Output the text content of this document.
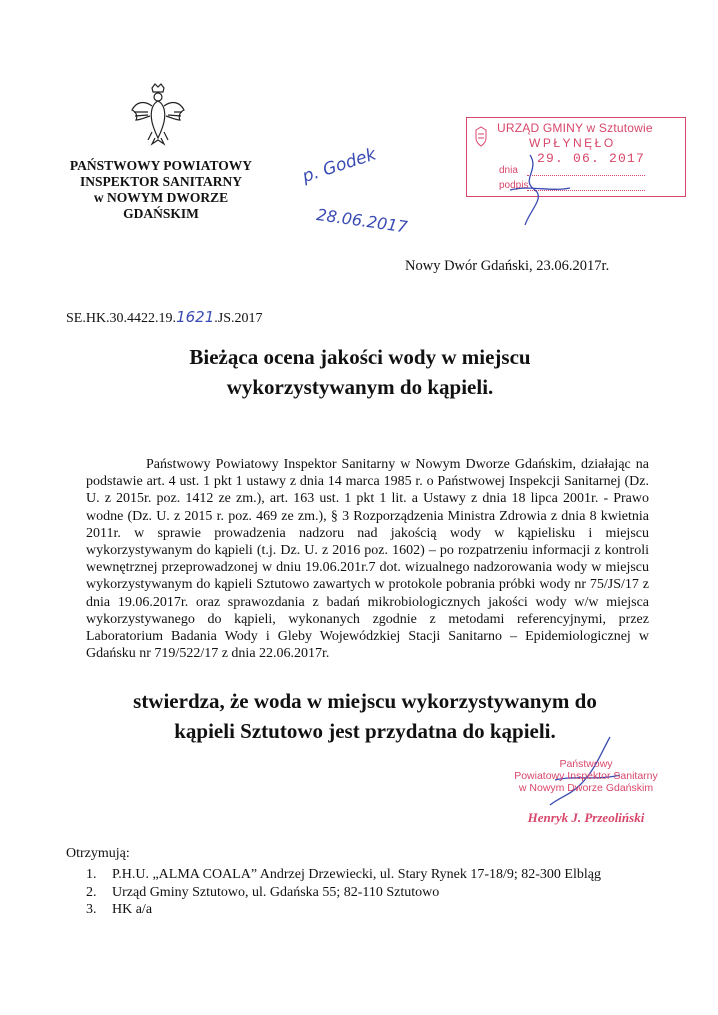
PAŃSTWOWY POWIATOWY
INSPEKTOR SANITARNY
w NOWYM DWORZE
GDAŃSKIM
URZĄD GMINY w Sztutowie
WPŁYNĘŁO
29. 06. 2017
dnia
podpis
p. Godek
28.06.2017
Nowy Dwór Gdański, 23.06.2017r.
SE.HK.30.4422.19.1621.JS.2017
Bieżąca ocena jakości wody w miejscu
wykorzystywanym do kąpieli.
Państwowy Powiatowy Inspektor Sanitarny w Nowym Dworze Gdańskim, działając na podstawie art. 4 ust. 1 pkt 1 ustawy z dnia 14 marca 1985 r. o Państwowej Inspekcji Sanitarnej (Dz. U. z 2015r. poz. 1412 ze zm.), art. 163 ust. 1 pkt 1 lit. a Ustawy z dnia 18 lipca 2001r. - Prawo wodne (Dz. U. z 2015 r. poz. 469 ze zm.), § 3 Rozporządzenia Ministra Zdrowia z dnia 8 kwietnia 2011r. w sprawie prowadzenia nadzoru nad jakością wody w kąpielisku i miejscu wykorzystywanym do kąpieli (t.j. Dz. U. z 2016 poz. 1602) – po rozpatrzeniu informacji z kontroli wewnętrznej przeprowadzonej w dniu 19.06.201r.7 dot. wizualnego nadzorowania wody w miejscu wykorzystywanym do kąpieli Sztutowo zawartych w protokole pobrania próbki wody nr 75/JS/17 z dnia 19.06.2017r. oraz sprawozdania z badań mikrobiologicznych jakości wody w/w miejsca wykorzystywanego do kąpieli, wykonanych zgodnie z metodami referencyjnymi, przez Laboratorium Badania Wody i Gleby Wojewódzkiej Stacji Sanitarno – Epidemiologicznej w Gdańsku nr 719/522/17 z dnia 22.06.2017r.
stwierdza, że woda w miejscu wykorzystywanym do
kąpieli Sztutowo jest przydatna do kąpieli.
Państwowy
Powiatowy Inspektor Sanitarny
w Nowym Dworze Gdańskim
Henryk J. Przeoliński
Otrzymują:
1. P.H.U. „ALMA COALA” Andrzej Drzewiecki, ul. Stary Rynek 17-18/9; 82-300 Elbląg
2. Urząd Gminy Sztutowo, ul. Gdańska 55; 82-110 Sztutowo
3. HK a/a
